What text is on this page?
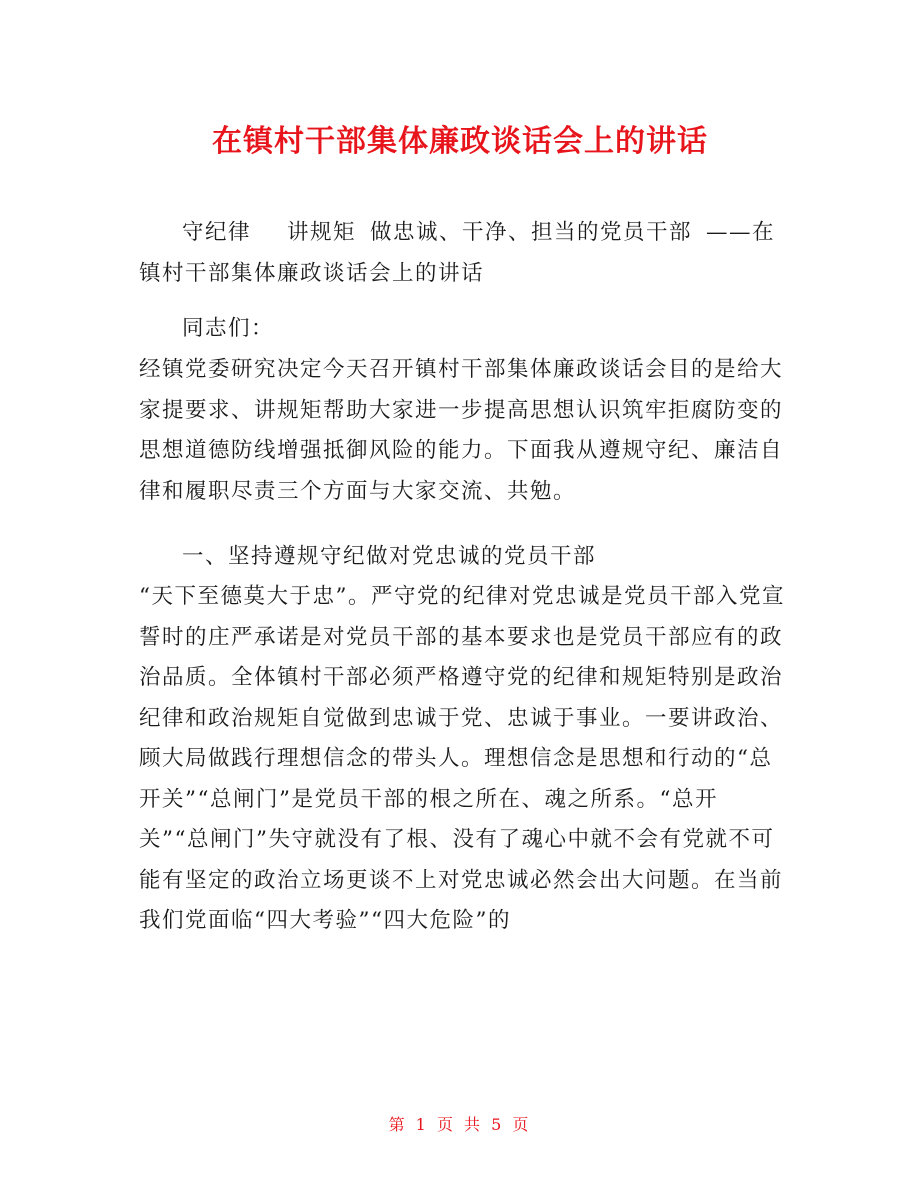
在镇村干部集体廉政谈话会上的讲话
守纪律 讲规矩 做忠诚、干净、担当的党员干部 ——在镇村干部集体廉政谈话会上的讲话
同志们：
经镇党委研究决定今天召开镇村干部集体廉政谈话会目的是给大家提要求、讲规矩帮助大家进一步提高思想认识筑牢拒腐防变的思想道德防线增强抵御风险的能力。下面我从遵规守纪、廉洁自律和履职尽责三个方面与大家交流、共勉。
一、坚持遵规守纪做对党忠诚的党员干部
“天下至德莫大于忠”。严守党的纪律对党忠诚是党员干部入党宣誓时的庄严承诺是对党员干部的基本要求也是党员干部应有的政治品质。全体镇村干部必须严格遵守党的纪律和规矩特别是政治纪律和政治规矩自觉做到忠诚于党、忠诚于事业。一要讲政治、顾大局做践行理想信念的带头人。理想信念是思想和行动的“总开关”“总闸门”是党员干部的根之所在、魂之所系。“总开关”“总闸门”失守就没有了根、没有了魂心中就不会有党就不可能有坚定的政治立场更谈不上对党忠诚必然会出大问题。在当前我们党面临“四大考验”“四大危险”的
第 1 页 共 5 页
